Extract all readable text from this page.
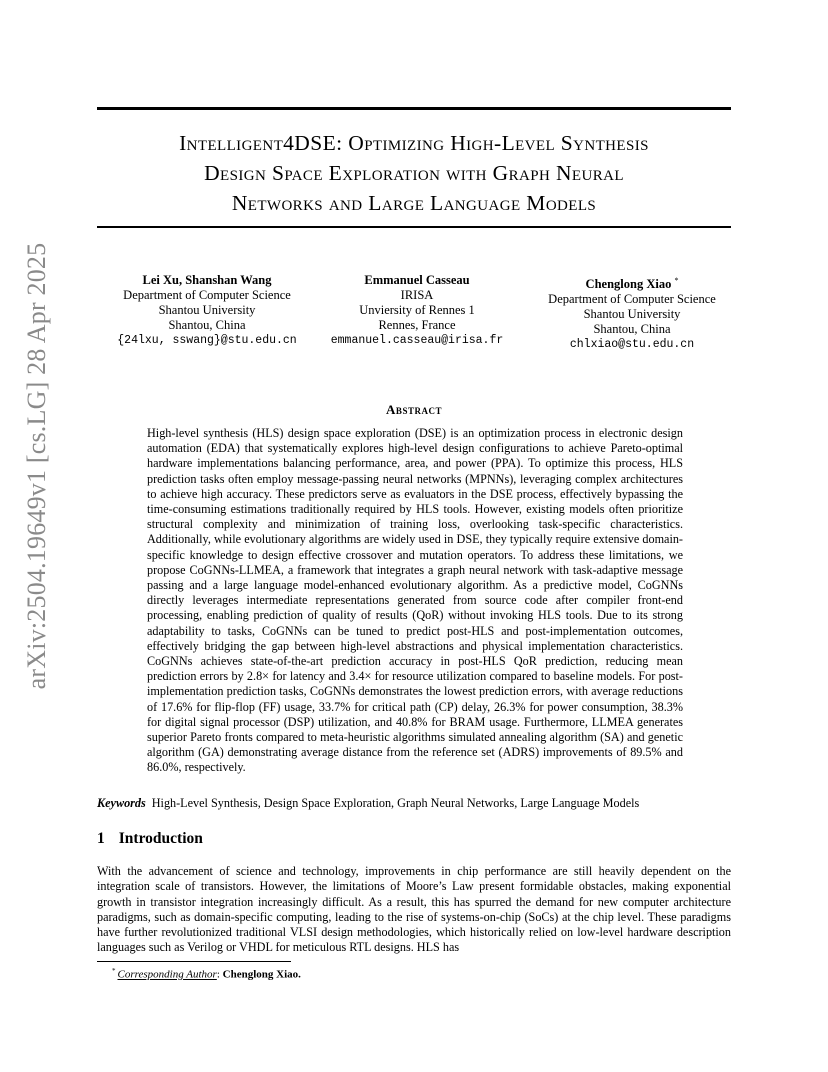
arXiv:2504.19649v1 [cs.LG] 28 Apr 2025
Intelligent4DSE: Optimizing High-Level Synthesis
Design Space Exploration with Graph Neural
Networks and Large Language Models
Lei Xu, Shanshan Wang
Department of Computer Science
Shantou University
Shantou, China
{24lxu, sswang}@stu.edu.cn
Emmanuel Casseau
IRISA
Unviersity of Rennes 1
Rennes, France
emmanuel.casseau@irisa.fr
Chenglong Xiao *
Department of Computer Science
Shantou University
Shantou, China
chlxiao@stu.edu.cn
Abstract
High-level synthesis (HLS) design space exploration (DSE) is an optimization process in electronic design automation (EDA) that systematically explores high-level design configurations to achieve Pareto-optimal hardware implementations balancing performance, area, and power (PPA). To optimize this process, HLS prediction tasks often employ message-passing neural networks (MPNNs), leveraging complex architectures to achieve high accuracy. These predictors serve as evaluators in the DSE process, effectively bypassing the time-consuming estimations traditionally required by HLS tools. However, existing models often prioritize structural complexity and minimization of training loss, overlooking task-specific characteristics. Additionally, while evolutionary algorithms are widely used in DSE, they typically require extensive domain-specific knowledge to design effective crossover and mutation operators. To address these limitations, we propose CoGNNs-LLMEA, a framework that integrates a graph neural network with task-adaptive message passing and a large language model-enhanced evolutionary algorithm. As a predictive model, CoGNNs directly leverages intermediate representations generated from source code after compiler front-end processing, enabling prediction of quality of results (QoR) without invoking HLS tools. Due to its strong adaptability to tasks, CoGNNs can be tuned to predict post-HLS and post-implementation outcomes, effectively bridging the gap between high-level abstractions and physical implementation characteristics. CoGNNs achieves state-of-the-art prediction accuracy in post-HLS QoR prediction, reducing mean prediction errors by 2.8× for latency and 3.4× for resource utilization compared to baseline models. For post-implementation prediction tasks, CoGNNs demonstrates the lowest prediction errors, with average reductions of 17.6% for flip-flop (FF) usage, 33.7% for critical path (CP) delay, 26.3% for power consumption, 38.3% for digital signal processor (DSP) utilization, and 40.8% for BRAM usage. Furthermore, LLMEA generates superior Pareto fronts compared to meta-heuristic algorithms simulated annealing algorithm (SA) and genetic algorithm (GA) demonstrating average distance from the reference set (ADRS) improvements of 89.5% and 86.0%, respectively.
Keywords High-Level Synthesis, Design Space Exploration, Graph Neural Networks, Large Language Models
1 Introduction
With the advancement of science and technology, improvements in chip performance are still heavily dependent on the integration scale of transistors. However, the limitations of Moore’s Law present formidable obstacles, making exponential growth in transistor integration increasingly difficult. As a result, this has spurred the demand for new computer architecture paradigms, such as domain-specific computing, leading to the rise of systems-on-chip (SoCs) at the chip level. These paradigms have further revolutionized traditional VLSI design methodologies, which historically relied on low-level hardware description languages such as Verilog or VHDL for meticulous RTL designs. HLS has
* Corresponding Author: Chenglong Xiao.
